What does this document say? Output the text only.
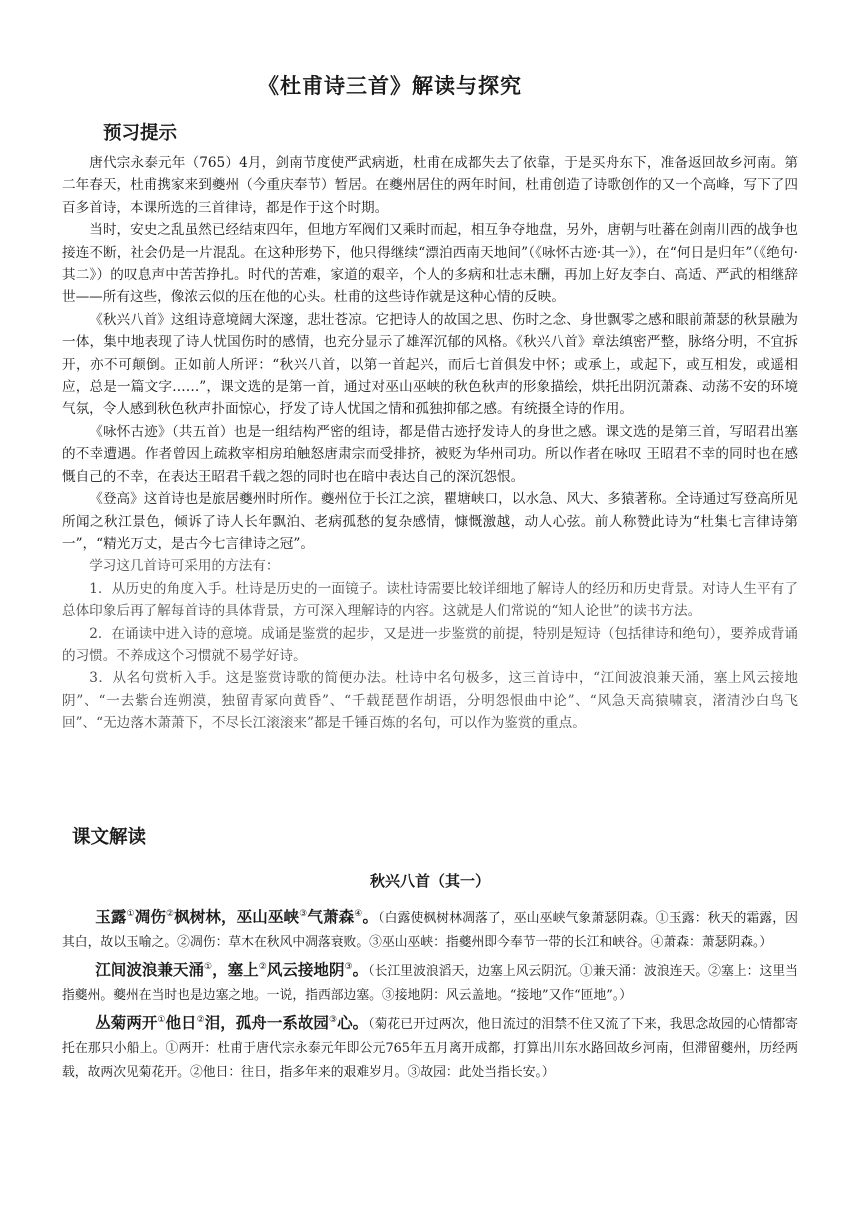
《杜甫诗三首》解读与探究
预习提示

唐代宗永泰元年（765）4月，剑南节度使严武病逝，杜甫在成都失去了依靠，于是买舟东下，准备返回故乡河南。第二年春天，杜甫携家来到夔州（今重庆奉节）暂居。在夔州居住的两年时间，杜甫创造了诗歌创作的又一个高峰，写下了四百多首诗，本课所选的三首律诗，都是作于这个时期。

当时，安史之乱虽然已经结束四年，但地方军阀们又乘时而起，相互争夺地盘，另外，唐朝与吐蕃在剑南川西的战争也接连不断，社会仍是一片混乱。在这种形势下，他只得继续“漂泊西南天地间”（《咏怀古迹·其一》），在“何日是归年”（《绝句·其二》）的叹息声中苦苦挣扎。时代的苦难，家道的艰辛，个人的多病和壮志未酬，再加上好友李白、高适、严武的相继辞世——所有这些，像浓云似的压在他的心头。杜甫的这些诗作就是这种心情的反映。

《秋兴八首》这组诗意境阔大深邃，悲壮苍凉。它把诗人的故国之思、伤时之念、身世飘零之感和眼前萧瑟的秋景融为一体，集中地表现了诗人忧国伤时的感情，也充分显示了雄浑沉郁的风格。《秋兴八首》章法缜密严整，脉络分明，不宜拆开，亦不可颠倒。正如前人所评：“秋兴八首，以第一首起兴，而后七首俱发中怀；或承上，或起下，或互相发，或遥相应，总是一篇文字……”，课文选的是第一首，通过对巫山巫峡的秋色秋声的形象描绘，烘托出阴沉萧森、动荡不安的环境气氛，令人感到秋色秋声扑面惊心，抒发了诗人忧国之情和孤独抑郁之感。有统摄全诗的作用。

《咏怀古迹》（共五首）也是一组结构严密的组诗，都是借古迹抒发诗人的身世之感。课文选的是第三首，写昭君出塞的不幸遭遇。作者曾因上疏救宰相房珀触怒唐肃宗而受排挤，被贬为华州司功。所以作者在咏叹 王昭君不幸的同时也在感慨自己的不幸，在表达王昭君千载之怨的同时也在暗中表达自己的深沉怨恨。

《登高》这首诗也是旅居夔州时所作。夔州位于长江之滨，瞿塘峡口，以水急、风大、多猿著称。全诗通过写登高所见所闻之秋江景色，倾诉了诗人长年飘泊、老病孤愁的复杂感情，慷慨激越，动人心弦。前人称赞此诗为“杜集七言律诗第一”，“精光万丈，是古今七言律诗之冠”。

学习这几首诗可采用的方法有：

1．从历史的角度入手。杜诗是历史的一面镜子。读杜诗需要比较详细地了解诗人的经历和历史背景。对诗人生平有了总体印象后再了解每首诗的具体背景，方可深入理解诗的内容。这就是人们常说的“知人论世”的读书方法。

2．在诵读中进入诗的意境。成诵是鉴赏的起步，又是进一步鉴赏的前提，特别是短诗（包括律诗和绝句），要养成背诵的习惯。不养成这个习惯就不易学好诗。

3．从名句赏析入手。这是鉴赏诗歌的简便办法。杜诗中名句极多，这三首诗中，“江间波浪兼天涌，塞上风云接地阴”、“一去紫台连朔漠，独留青冢向黄昏”、“千载琵琶作胡语，分明怨恨曲中论”、“风急天高猿啸哀，渚清沙白鸟飞回”、“无边落木萧萧下，不尽长江滚滚来”都是千锤百炼的名句，可以作为鉴赏的重点。

课文解读
秋兴八首（其一）

玉露①凋伤②枫树林，巫山巫峡③气萧森④。（白露使枫树林凋落了，巫山巫峡气象萧瑟阴森。①玉露：秋天的霜露，因其白，故以玉喻之。②凋伤：草木在秋风中凋落衰败。③巫山巫峡：指夔州即今奉节一带的长江和峡谷。④萧森：萧瑟阴森。）

江间波浪兼天涌①，塞上②风云接地阴③。（长江里波浪滔天，边塞上风云阴沉。①兼天涌：波浪连天。②塞上：这里当指夔州。夔州在当时也是边塞之地。一说，指西部边塞。③接地阴：风云盖地。“接地”又作“匝地”。）

丛菊两开①他日②泪，孤舟一系故园③心。（菊花已开过两次，他日流过的泪禁不住又流了下来，我思念故园的心情都寄托在那只小船上。①两开：杜甫于唐代宗永泰元年即公元765年五月离开成都，打算出川东水路回故乡河南，但滞留夔州，历经两载，故两次见菊花开。②他日：往日，指多年来的艰难岁月。③故园：此处当指长安。）
